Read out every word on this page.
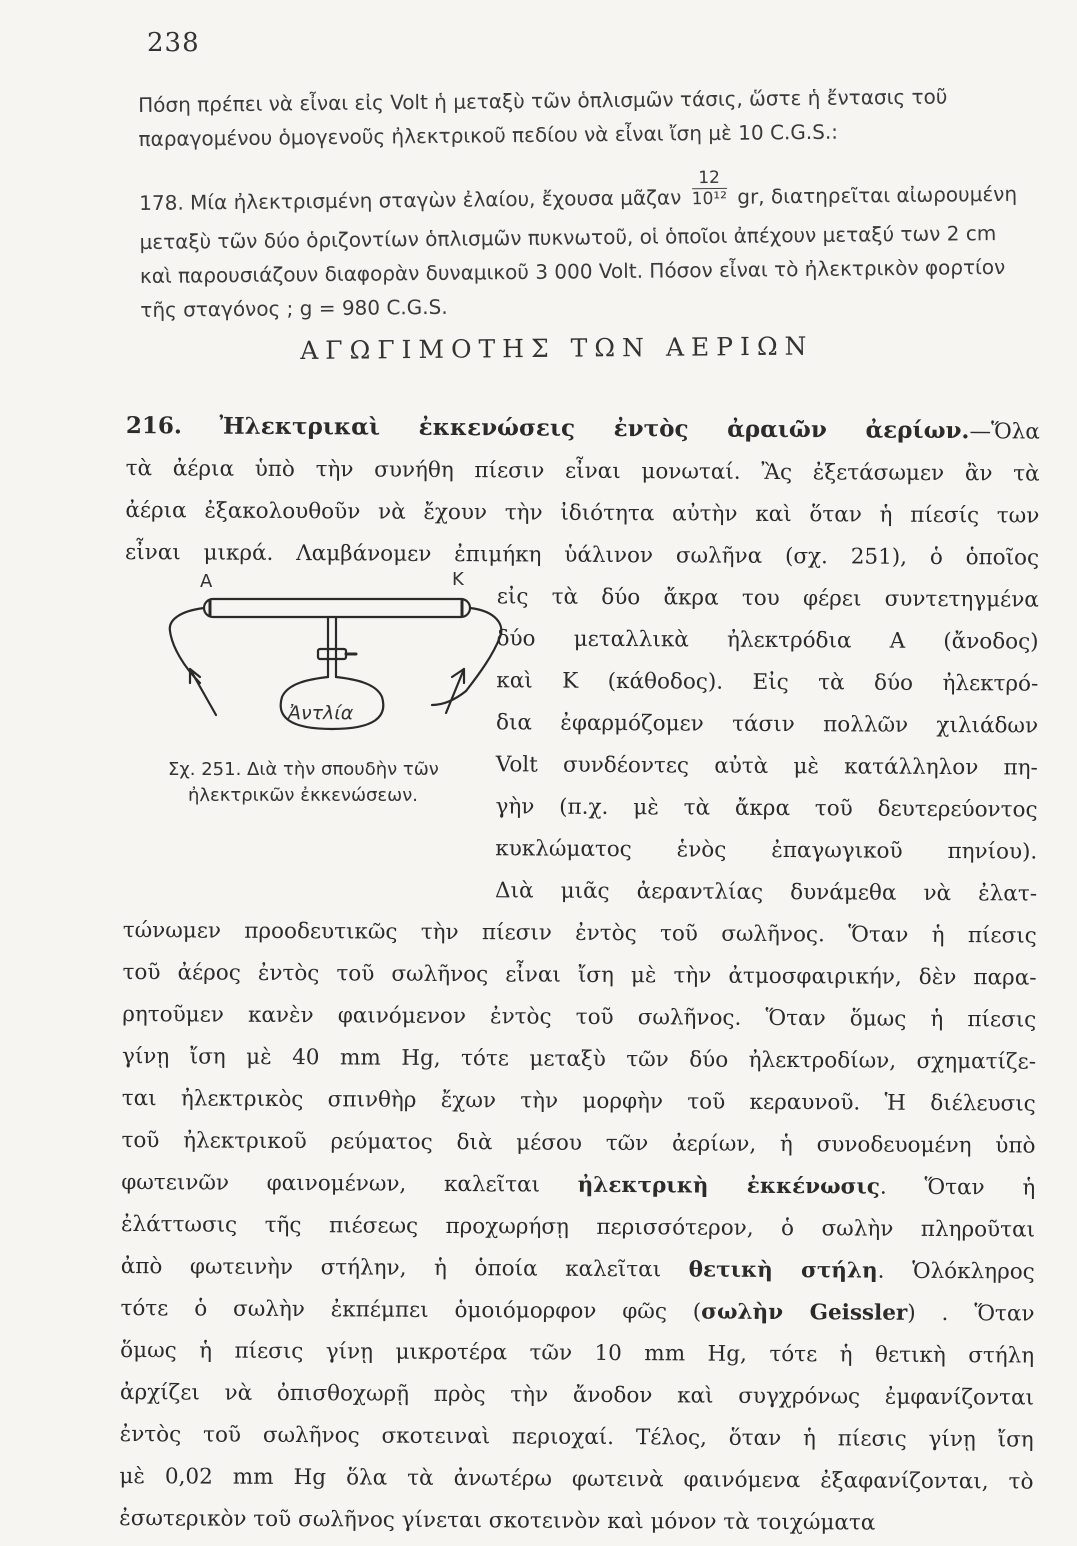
238

Πόση πρέπει νὰ εἶναι εἰς Volt ἡ μεταξὺ τῶν ὁπλισμῶν τάσις, ὥστε ἡ ἔντασις τοῦ

παραγομένου ὁμογενοῦς ἠλεκτρικοῦ πεδίου νὰ εἶναι ἴση μὲ 10 C.G.S.:

178. Μία ἠλεκτρισμένη σταγὼν ἐλαίου, ἔχουσα μᾶζαν $\frac{12}{\text{10¹²}}$ gr, διατηρεῖται αἰωρουμένη μεταξὺ τῶν δύο ὁριζοντίων ὁπλισμῶν πυκνωτοῦ, οἱ ὁποῖοι ἀπέχουν μεταξύ των 2 cm καὶ παρουσιάζουν διαφορὰν δυναμικοῦ 3 000 Volt. Πόσον εἶναι τὸ ἠλεκτρικὸν φορτίον τῆς σταγόνος ; g = 980 C.G.S.

ΑΓΩΓΙΜΟΤΗΣ ΤΩΝ ΑΕΡΙΩΝ

216. Ἠλεκτρικαὶ ἐκκενώσεις ἐντὸς ἀραιῶν ἀερίων.—Ὅλα

τὰ ἀέρια ὑπὸ τὴν συνήθη πίεσιν εἶναι μονωταί. Ἂς ἐξετάσωμεν ἂν τὰ

ἀέρια ἐξακολουθοῦν νὰ ἔχουν τὴν ἰδιότητα αὐτὴν καὶ ὅταν ἡ πίεσίς των

εἶναι μικρά. Λαμβάνομεν ἐπιμήκη ὑάλινον σωλῆνα (σχ. 251), ὁ ὁποῖος

εἰς τὰ δύο ἄκρα του φέρει συντετηγμένα

δύο μεταλλικὰ ἠλεκτρόδια Α (ἄνοδος)

καὶ Κ (κάθοδος). Εἰς τὰ δύο ἠλεκτρό-

δια ἐφαρμόζομεν τάσιν πολλῶν χιλιάδων

Volt συνδέοντες αὐτὰ μὲ κατάλληλον πη-

γὴν (π.χ. μὲ τὰ ἄκρα τοῦ δευτερεύοντος

κυκλώματος ἑνὸς ἐπαγωγικοῦ πηνίου).

Διὰ μιᾶς ἀεραντλίας δυνάμεθα νὰ ἐλατ-

τώνωμεν προοδευτικῶς τὴν πίεσιν ἐντὸς τοῦ σωλῆνος. Ὅταν ἡ πίεσις

τοῦ ἀέρος ἐντὸς τοῦ σωλῆνος εἶναι ἴση μὲ τὴν ἀτμοσφαιρικήν, δὲν παρα-

ρητοῦμεν κανὲν φαινόμενον ἐντὸς τοῦ σωλῆνος. Ὅταν ὅμως ἡ πίεσις

γίνῃ ἴση μὲ 40 mm Hg, τότε μεταξὺ τῶν δύο ἠλεκτροδίων, σχηματίζε-

ται ἠλεκτρικὸς σπινθὴρ ἔχων τὴν μορφὴν τοῦ κεραυνοῦ. Ἡ διέλευσις

τοῦ ἠλεκτρικοῦ ρεύματος διὰ μέσου τῶν ἀερίων, ἡ συνοδευομένη ὑπὸ

φωτεινῶν φαινομένων, καλεῖται ἠλεκτρικὴ ἐκκένωσις. Ὅταν ἡ

ἐλάττωσις τῆς πιέσεως προχωρήσῃ περισσότερον, ὁ σωλὴν πληροῦται

ἀπὸ φωτεινὴν στήλην, ἡ ὁποία καλεῖται θετικὴ στήλη. Ὁλόκληρος

τότε ὁ σωλὴν ἐκπέμπει ὁμοιόμορφον φῶς (σωλὴν Geissler) . Ὅταν

ὅμως ἡ πίεσις γίνῃ μικροτέρα τῶν 10 mm Hg, τότε ἡ θετικὴ στήλη

ἀρχίζει νὰ ὀπισθοχωρῇ πρὸς τὴν ἄνοδον καὶ συγχρόνως ἐμφανίζονται

ἐντὸς τοῦ σωλῆνος σκοτειναὶ περιοχαί. Τέλος, ὅταν ἡ πίεσις γίνῃ ἴση

μὲ 0,02 mm Hg ὅλα τὰ ἀνωτέρω φωτεινὰ φαινόμενα ἐξαφανίζονται, τὸ

ἐσωτερικὸν τοῦ σωλῆνος γίνεται σκοτεινὸν καὶ μόνον τὰ τοιχώματα

Α	Κ
Ἀντλία
Σχ. 251. Διὰ τὴν σπουδὴν τῶν
ἠλεκτρικῶν ἐκκενώσεων.
